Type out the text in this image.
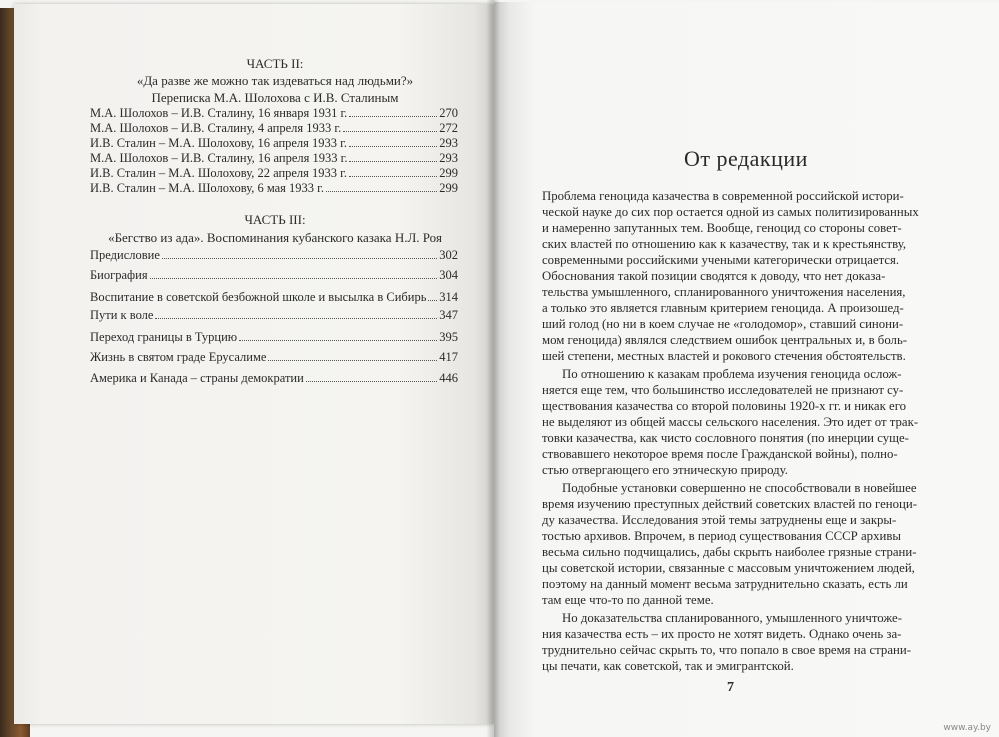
ЧАСТЬ II:
«Да разве же можно так издеваться над людьми?»
Переписка М.А. Шолохова с И.В. Сталиным
М.А. Шолохов – И.В. Сталину, 16 января 1931 г.	270
М.А. Шолохов – И.В. Сталину, 4 апреля 1933 г.	272
И.В. Сталин – М.А. Шолохову, 16 апреля 1933 г.	293
М.А. Шолохов – И.В. Сталину, 16 апреля 1933 г.	293
И.В. Сталин – М.А. Шолохову, 22 апреля 1933 г.	299
И.В. Сталин – М.А. Шолохову, 6 мая 1933 г.	299
ЧАСТЬ III:
«Бегство из ада». Воспоминания кубанского казака Н.Л. Роя
Предисловие	302
Биография	304
Воспитание в советской безбожной школе и высылка в Сибирь 314
Пути к воле	347
Переход границы в Турцию	395
Жизнь в святом граде Ерусалиме	417
Америка и Канада – страны демократии	446
От редакции
Проблема геноцида казачества в современной российской истори-
ческой науке до сих пор остается одной из самых политизированных
и намеренно запутанных тем. Вообще, геноцид со стороны совет-
ских властей по отношению как к казачеству, так и к крестьянству,
современными российскими учеными категорически отрицается.
Обоснования такой позиции сводятся к доводу, что нет доказа-
тельства умышленного, спланированного уничтожения населения,
а только это является главным критерием геноцида. А произошед-
ший голод (но ни в коем случае не «голодомор», ставший синони-
мом геноцида) являлся следствием ошибок центральных и, в боль-
шей степени, местных властей и рокового стечения обстоятельств.
По отношению к казакам проблема изучения геноцида ослож-
няется еще тем, что большинство исследователей не признают су-
ществования казачества со второй половины 1920-х гг. и никак его
не выделяют из общей массы сельского населения. Это идет от трак-
товки казачества, как чисто сословного понятия (по инерции суще-
ствовавшего некоторое время после Гражданской войны), полно-
стью отвергающего его этническую природу.
Подобные установки совершенно не способствовали в новейшее
время изучению преступных действий советских властей по геноци-
ду казачества. Исследования этой темы затруднены еще и закры-
тостью архивов. Впрочем, в период существования СССР архивы
весьма сильно подчищались, дабы скрыть наиболее грязные страни-
цы советской истории, связанные с массовым уничтожением людей,
поэтому на данный момент весьма затруднительно сказать, есть ли
там еще что-то по данной теме.
Но доказательства спланированного, умышленного уничтоже-
ния казачества есть – их просто не хотят видеть. Однако очень за-
труднительно сейчас скрыть то, что попало в свое время на страни-
цы печати, как советской, так и эмигрантской.
7
www.ay.by
